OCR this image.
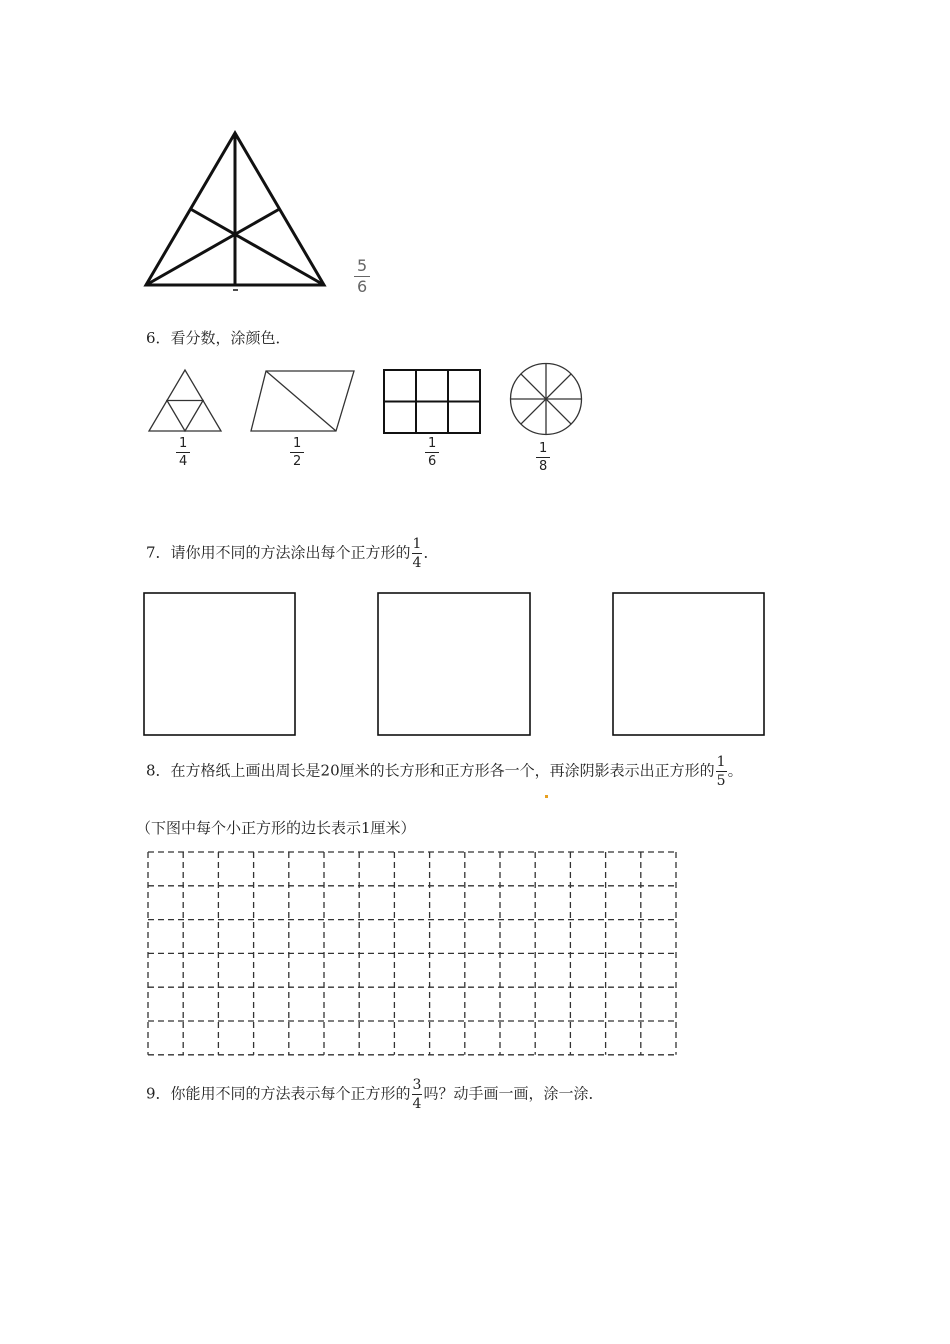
5
6
6．看分数，涂颜色．
1
4
1
2
1
6
1
8
7．请你用不同的方法涂出每个正方形的 $\frac{1}{4}$ ．
8．在方格纸上画出周长是20厘米的长方形和正方形各一个，再涂阴影表示出正方形的 $\frac{1}{5}$ 。
（下图中每个小正方形的边长表示1厘米）
9．你能用不同的方法表示每个正方形的 $\frac{3}{4}$ 吗？动手画一画，涂一涂．
